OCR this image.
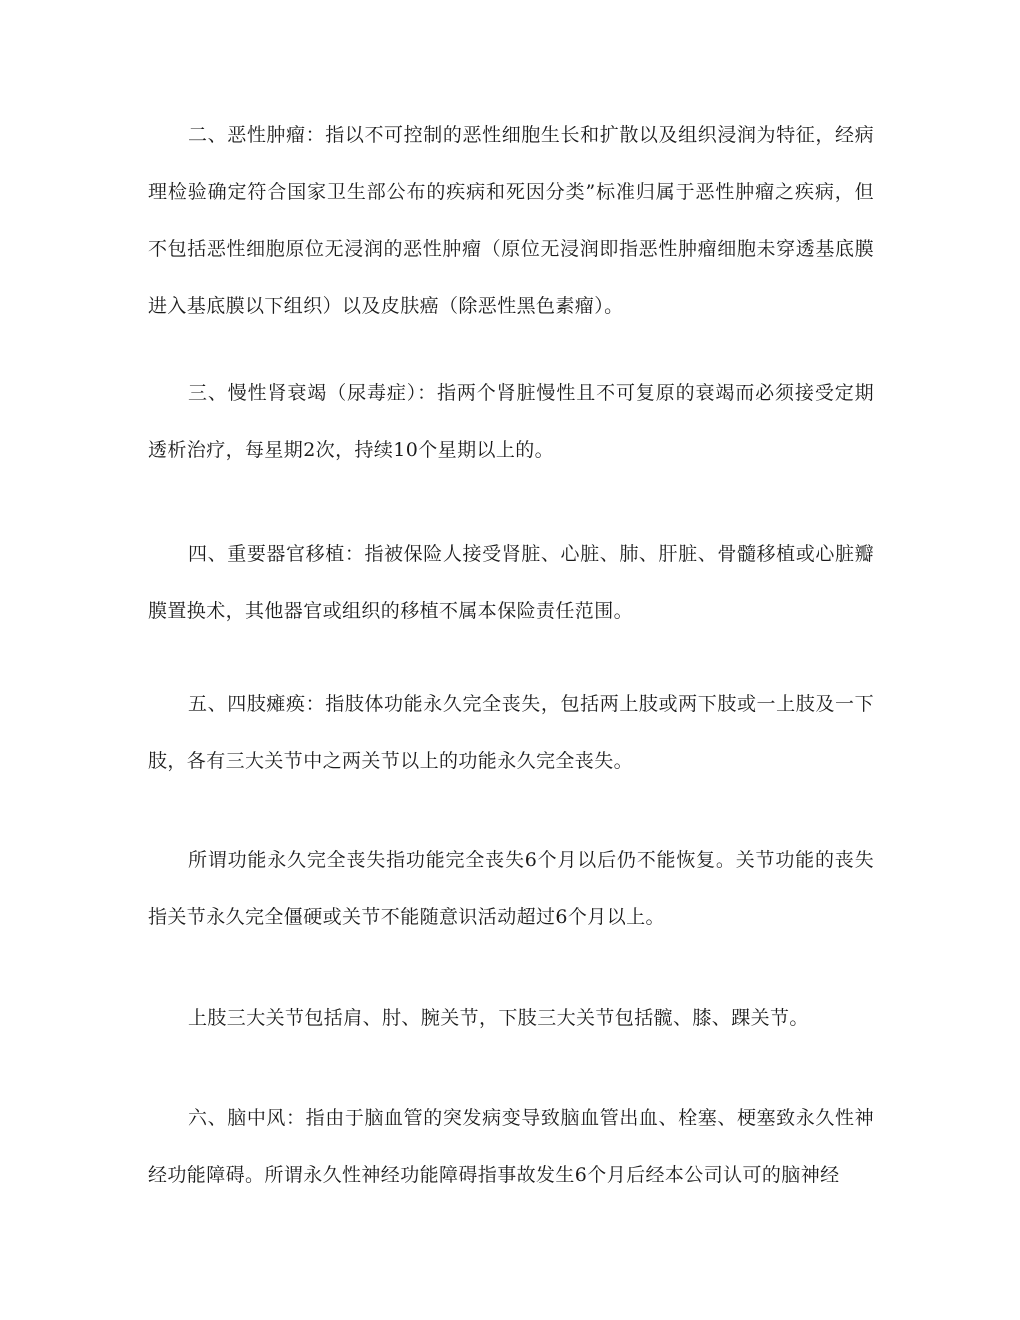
二、恶性肿瘤：指以不可控制的恶性细胞生长和扩散以及组织浸润为特征，经病理检验确定符合国家卫生部公布的疾病和死因分类”标准归属于恶性肿瘤之疾病，但不包括恶性细胞原位无浸润的恶性肿瘤（原位无浸润即指恶性肿瘤细胞未穿透基底膜进入基底膜以下组织）以及皮肤癌（除恶性黑色素瘤）。

三、慢性肾衰竭（尿毒症）：指两个肾脏慢性且不可复原的衰竭而必须接受定期透析治疗，每星期2次，持续10个星期以上的。

四、重要器官移植：指被保险人接受肾脏、心脏、肺、肝脏、骨髓移植或心脏瓣膜置换术，其他器官或组织的移植不属本保险责任范围。

五、四肢瘫痪：指肢体功能永久完全丧失，包括两上肢或两下肢或一上肢及一下肢，各有三大关节中之两关节以上的功能永久完全丧失。

所谓功能永久完全丧失指功能完全丧失6个月以后仍不能恢复。关节功能的丧失指关节永久完全僵硬或关节不能随意识活动超过6个月以上。

上肢三大关节包括肩、肘、腕关节，下肢三大关节包括髋、膝、踝关节。

六、脑中风：指由于脑血管的突发病变导致脑血管出血、栓塞、梗塞致永久性神经功能障碍。所谓永久性神经功能障碍指事故发生6个月后经本公司认可的脑神经
